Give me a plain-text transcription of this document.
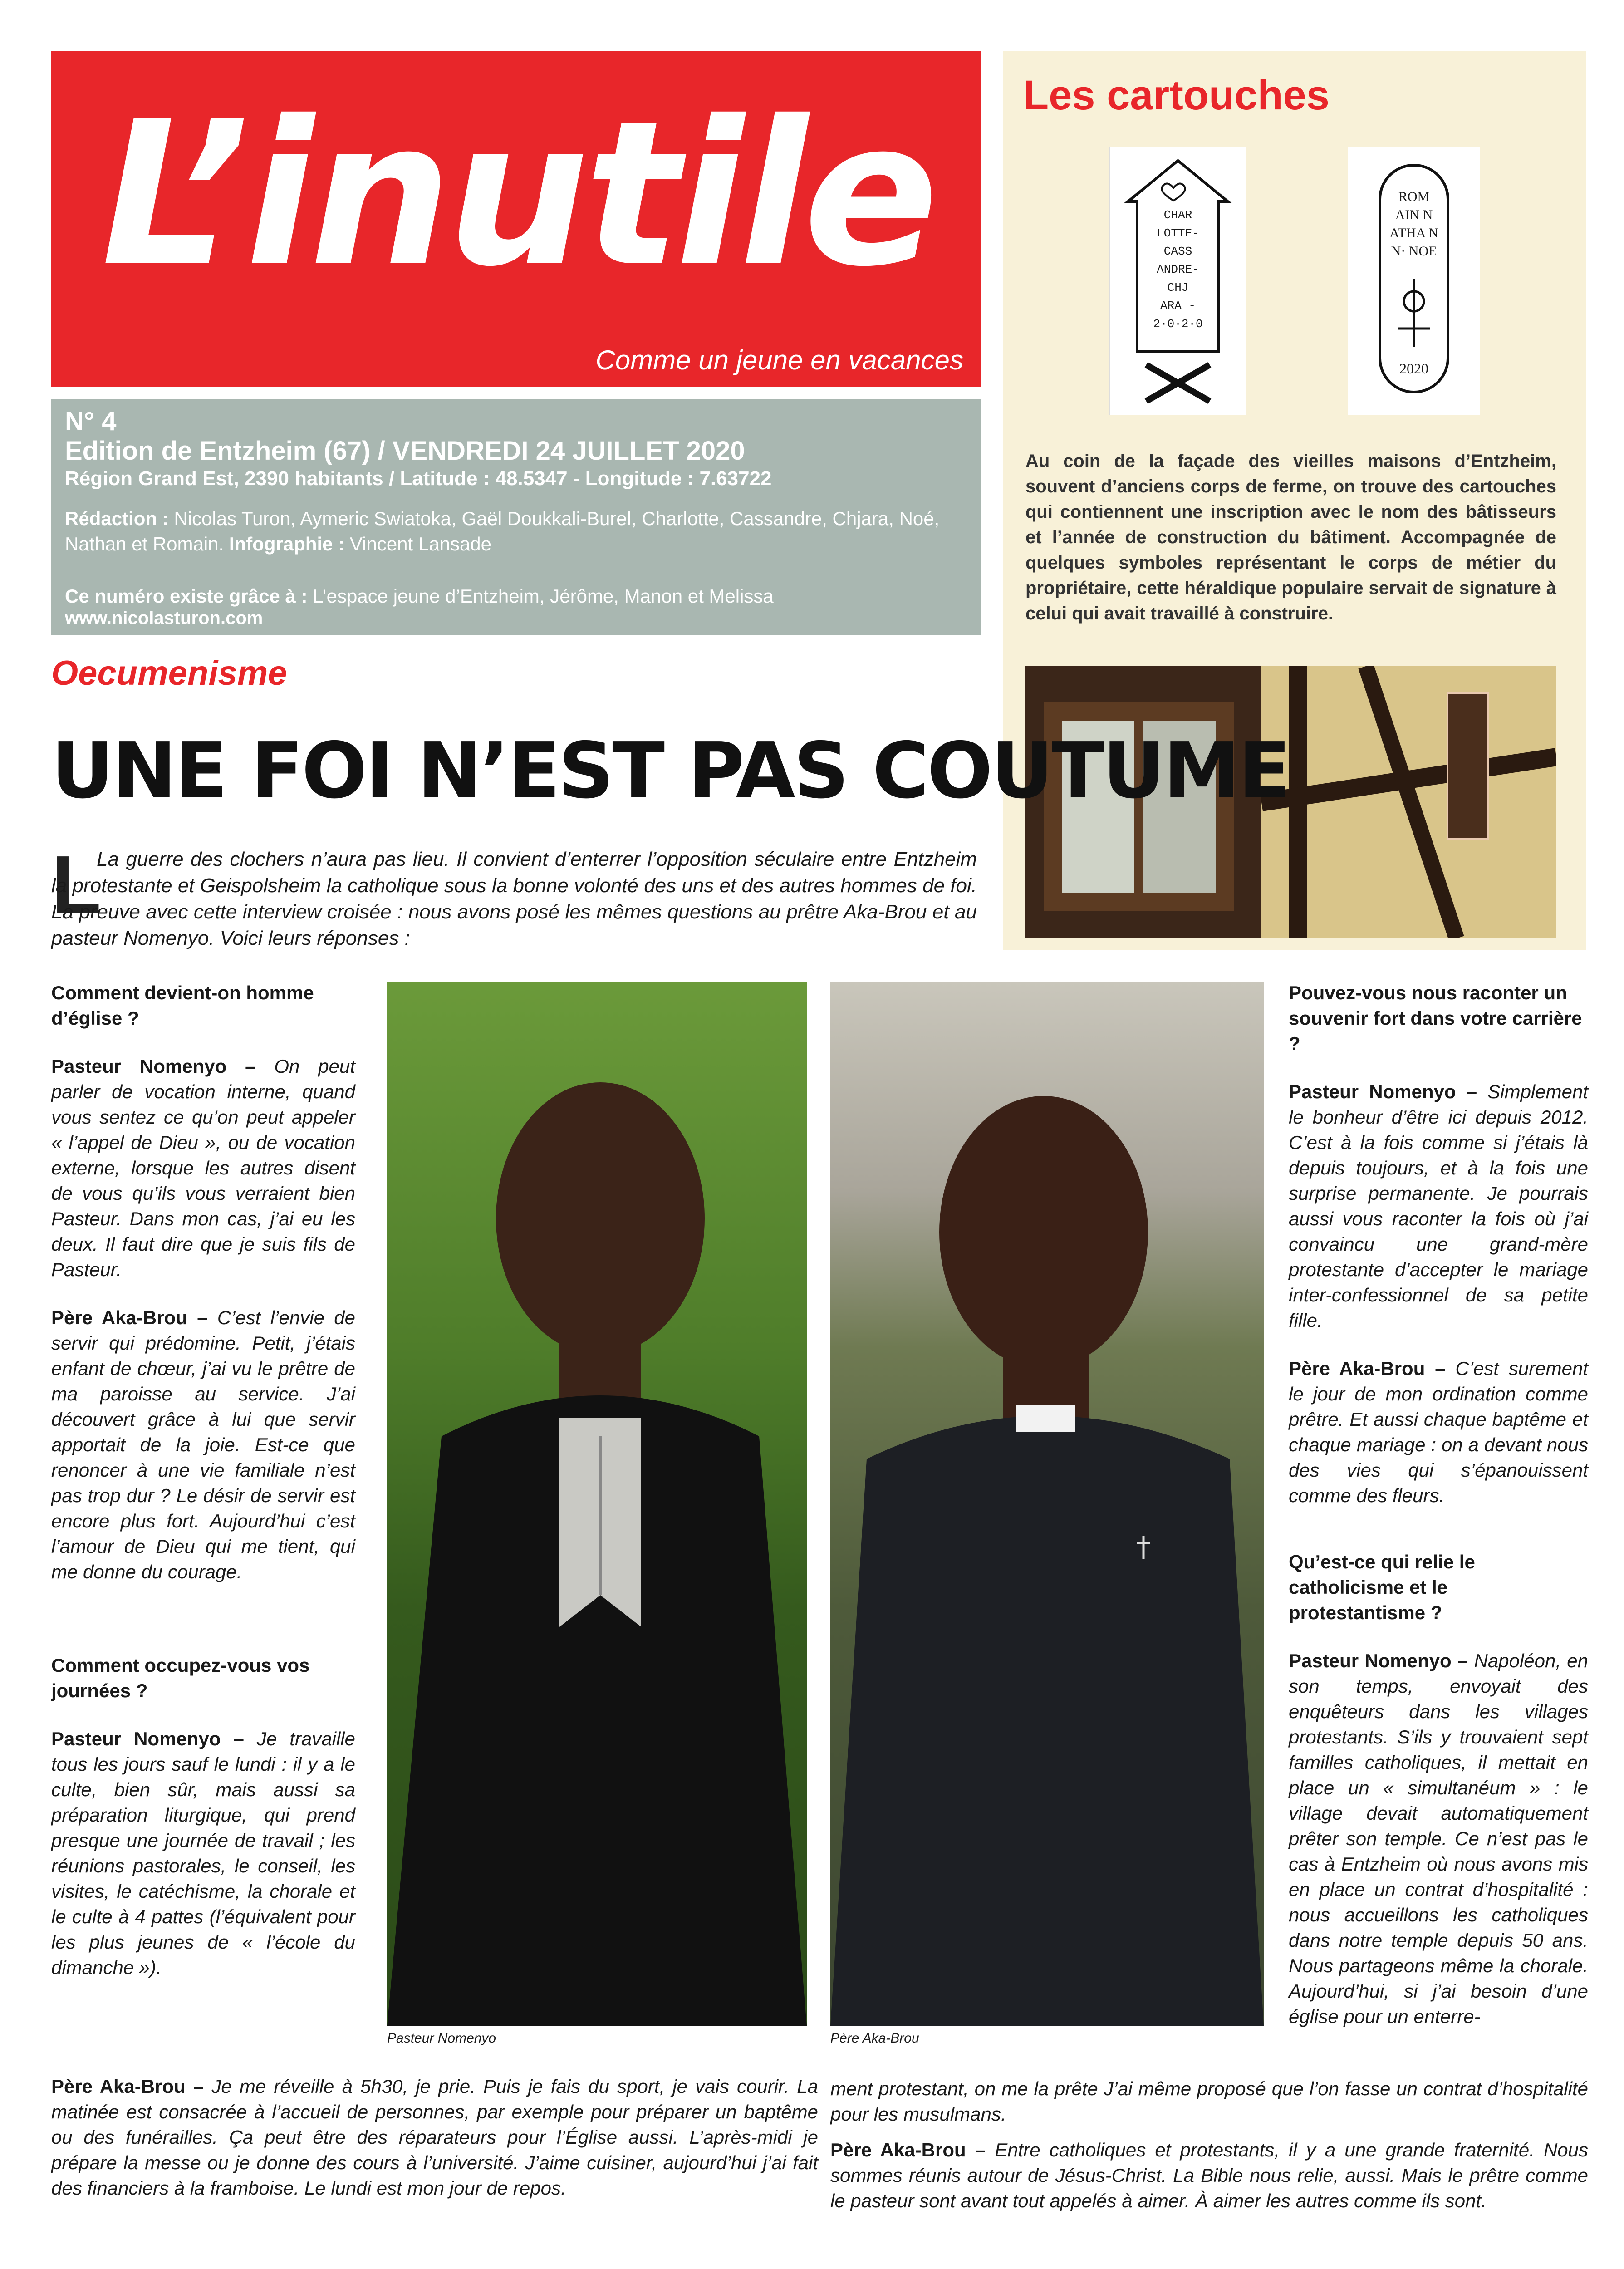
L’inutile
Comme un jeune en vacances
N° 4
Edition de Entzheim (67) / VENDREDI 24 JUILLET 2020
Région Grand Est, 2390 habitants / Latitude : 48.5347 - Longitude : 7.63722
Rédaction : Nicolas Turon, Aymeric Swiatoka, Gaël Doukkali-Burel, Charlotte, Cassandre, Chjara, Noé, Nathan et Romain. Infographie : Vincent Lansade
Ce numéro existe grâce à : L’espace jeune d’Entzheim, Jérôme, Manon et Melissa
www.nicolasturon.com
Les cartouches
CHAR
LOTTE-
CASS
ANDRE-
CHJ
ARA -
2·0·2·0
ROM
AIN N
ATHA N
N· NOE
2020
Au coin de la façade des vieilles maisons d’Entzheim, souvent d’anciens corps de ferme, on trouve des cartouches qui contiennent une inscription avec le nom des bâtisseurs et l’année de construction du bâtiment. Accompagnée de quelques symboles représentant le corps de métier du propriétaire, cette héraldique populaire servait de signature à celui qui avait travaillé à construire.
Oecumenisme
UNE FOI N’EST PAS COUTUME
L
La guerre des clochers n’aura pas lieu. Il convient d’enterrer l’opposition séculaire entre Entzheim la protestante et Geispolsheim la catholique sous la bonne volonté des uns et des autres hommes de foi. La preuve avec cette interview croisée : nous avons posé les mêmes questions au prêtre Aka-Brou et au pasteur Nomenyo. Voici leurs réponses :
Comment devient-on homme d’église ?

Pasteur Nomenyo – On peut parler de vocation interne, quand vous sentez ce qu’on peut appeler « l’appel de Dieu », ou de vocation externe, lorsque les autres disent de vous qu’ils vous verraient bien Pasteur. Dans mon cas, j’ai eu les deux. Il faut dire que je suis fils de Pasteur.

Père Aka-Brou – C’est l’envie de servir qui prédomine. Petit, j’étais enfant de chœur, j’ai vu le prêtre de ma paroisse au service. J’ai découvert grâce à lui que servir apportait de la joie. Est-ce que renoncer à une vie familiale n’est pas trop dur ? Le désir de servir est encore plus fort. Aujourd’hui c’est l’amour de Dieu qui me tient, qui me donne du courage.

Comment occupez-vous vos journées ?

Pasteur Nomenyo – Je travaille tous les jours sauf le lundi : il y a le culte, bien sûr, mais aussi sa préparation liturgique, qui prend presque une journée de travail ; les réunions pastorales, le conseil, les visites, le catéchisme, la chorale et le culte à 4 pattes (l’équivalent pour les plus jeunes de « l’école du dimanche »).

Pasteur Nomenyo	Père Aka-Brou
Pouvez-vous nous raconter un souvenir fort dans votre carrière ?

Pasteur Nomenyo – Simplement le bonheur d’être ici depuis 2012. C’est à la fois comme si j’étais là depuis toujours, et à la fois une surprise permanente. Je pourrais aussi vous raconter la fois où j’ai convaincu une grand-mère protestante d’accepter le mariage inter-confessionnel de sa petite fille.

Père Aka-Brou – C’est surement le jour de mon ordination comme prêtre. Et aussi chaque baptême et chaque mariage : on a devant nous des vies qui s’épanouissent comme des fleurs.

Qu’est-ce qui relie le catholicisme et le protestantisme ?

Pasteur Nomenyo – Napoléon, en son temps, envoyait des enquêteurs dans les villages protestants. S’ils y trouvaient sept familles catholiques, il mettait en place un « simultanéum » : le village devait automatiquement prêter son temple. Ce n’est pas le cas à Entzheim où nous avons mis en place un contrat d’hospitalité : nous accueillons les catholiques dans notre temple depuis 50 ans. Nous partageons même la chorale. Aujourd’hui, si j’ai besoin d’une église pour un enterre-

Père Aka-Brou – Je me réveille à 5h30, je prie. Puis je fais du sport, je vais courir. La matinée est consacrée à l’accueil de personnes, par exemple pour préparer un baptême ou des funérailles. Ça peut être des réparateurs pour l’Église aussi. L’après-midi je prépare la messe ou je donne des cours à l’université. J’aime cuisiner, aujourd’hui j’ai fait des financiers à la framboise. Le lundi est mon jour de repos.

ment protestant, on me la prête J’ai même proposé que l’on fasse un contrat d’hospitalité pour les musulmans.

Père Aka-Brou – Entre catholiques et protestants, il y a une grande fraternité. Nous sommes réunis autour de Jésus-Christ. La Bible nous relie, aussi. Mais le prêtre comme le pasteur sont avant tout appelés à aimer. À aimer les autres comme ils sont.
